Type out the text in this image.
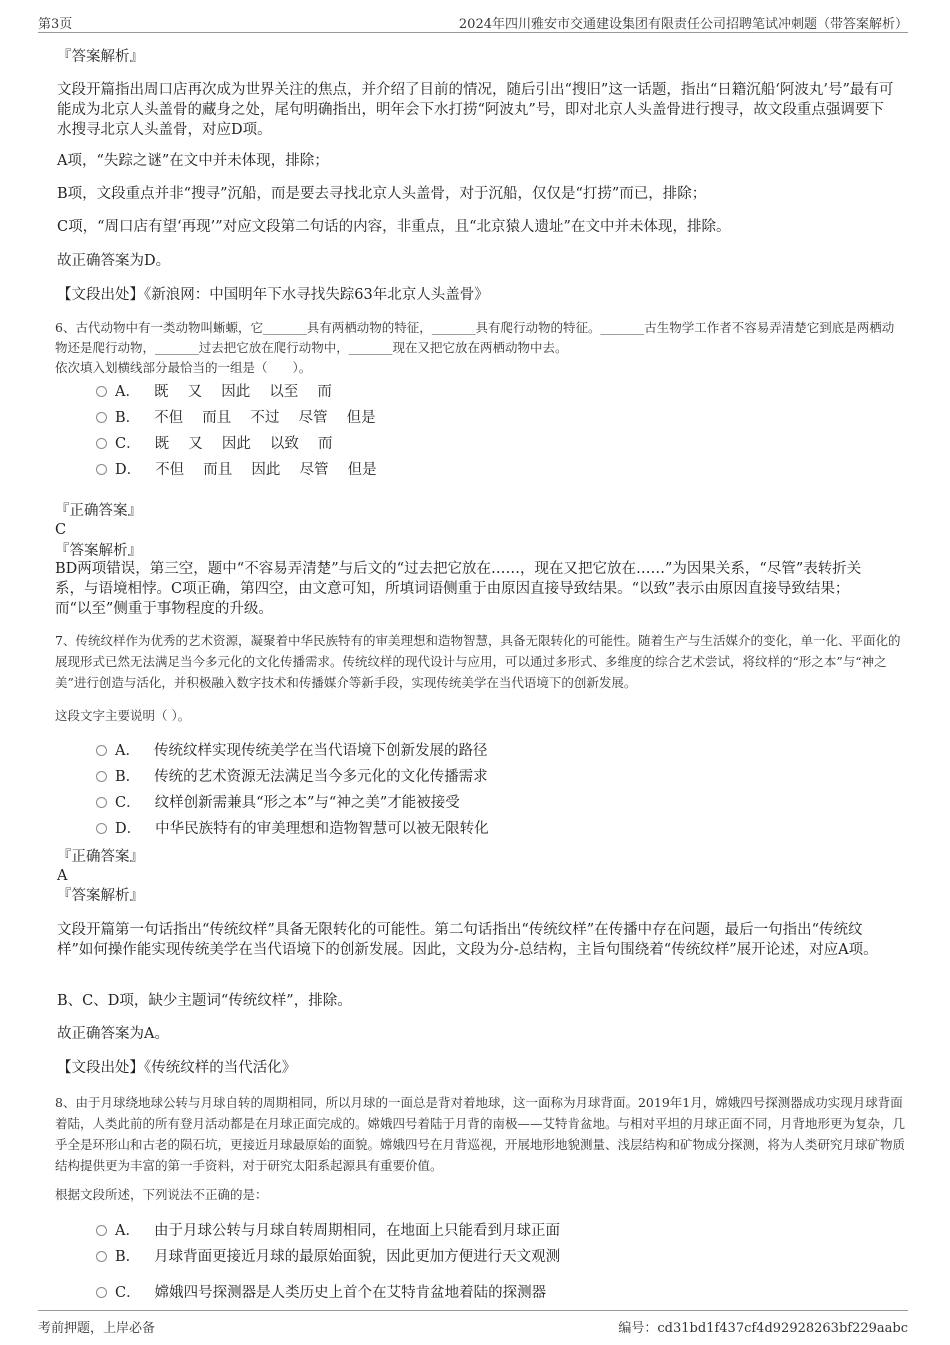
第3页	2024年四川雅安市交通建设集团有限责任公司招聘笔试冲刺题（带答案解析）
『答案解析』
文段开篇指出周口店再次成为世界关注的焦点，并介绍了目前的情况，随后引出“搜旧”这一话题，指出“日籍沉船‘阿波丸’号”最有可能成为北京人头盖骨的藏身之处，尾句明确指出，明年会下水打捞“阿波丸”号，即对北京人头盖骨进行搜寻，故文段重点强调要下水搜寻北京人头盖骨，对应D项。
A项，“失踪之谜”在文中并未体现，排除；
B项，文段重点并非“搜寻”沉船，而是要去寻找北京人头盖骨，对于沉船，仅仅是“打捞”而已，排除；
C项，“周口店有望‘再现’”对应文段第二句话的内容，非重点，且“北京猿人遗址”在文中并未体现，排除。
故正确答案为D。
【文段出处】《新浪网：中国明年下水寻找失踪63年北京人头盖骨》
6、古代动物中有一类动物叫蜥螈，它_______具有两栖动物的特征，_______具有爬行动物的特征。_______古生物学工作者不容易弄清楚它到底是两栖动物还是爬行动物，_______过去把它放在爬行动物中，_______现在又把它放在两栖动物中去。
依次填入划横线部分最恰当的一组是（　　）。
A． 既　 又　 因此　 以至　 而
B． 不但　 而且　 不过　 尽管　 但是
C． 既　 又　 因此　 以致　 而
D． 不但　 而且　 因此　 尽管　 但是
『正确答案』
C
『答案解析』
BD两项错误，第三空，题中“不容易弄清楚”与后文的“过去把它放在……，现在又把它放在……”为因果关系，“尽管”表转折关系，与语境相悖。C项正确，第四空，由文意可知，所填词语侧重于由原因直接导致结果。“以致”表示由原因直接导致结果；而“以至”侧重于事物程度的升级。
7、传统纹样作为优秀的艺术资源，凝聚着中华民族特有的审美理想和造物智慧，具备无限转化的可能性。随着生产与生活媒介的变化，单一化、平面化的展现形式已然无法满足当今多元化的文化传播需求。传统纹样的现代设计与应用，可以通过多形式、多维度的综合艺术尝试，将纹样的“形之本”与“神之美”进行创造与活化，并积极融入数字技术和传播媒介等新手段，实现传统美学在当代语境下的创新发展。
这段文字主要说明（ ）。
A． 传统纹样实现传统美学在当代语境下创新发展的路径
B． 传统的艺术资源无法满足当今多元化的文化传播需求
C． 纹样创新需兼具“形之本”与“神之美”才能被接受
D． 中华民族特有的审美理想和造物智慧可以被无限转化
『正确答案』
A
『答案解析』
文段开篇第一句话指出“传统纹样”具备无限转化的可能性。第二句话指出“传统纹样”在传播中存在问题，最后一句指出“传统纹样”如何操作能实现传统美学在当代语境下的创新发展。因此，文段为分-总结构，主旨句围绕着“传统纹样”展开论述，对应A项。
B、C、D项，缺少主题词“传统纹样”，排除。
故正确答案为A。
【文段出处】《传统纹样的当代活化》
8、由于月球绕地球公转与月球自转的周期相同，所以月球的一面总是背对着地球，这一面称为月球背面。2019年1月，嫦娥四号探测器成功实现月球背面着陆，人类此前的所有登月活动都是在月球正面完成的。嫦娥四号着陆于月背的南极——艾特肯盆地。与相对平坦的月球正面不同，月背地形更为复杂，几乎全是环形山和古老的陨石坑，更接近月球最原始的面貌。嫦娥四号在月背巡视，开展地形地貌测量、浅层结构和矿物成分探测，将为人类研究月球矿物质结构提供更为丰富的第一手资料，对于研究太阳系起源具有重要价值。
根据文段所述，下列说法不正确的是：
A． 由于月球公转与月球自转周期相同，在地面上只能看到月球正面
B． 月球背面更接近月球的最原始面貌，因此更加方便进行天文观测
C． 嫦娥四号探测器是人类历史上首个在艾特肯盆地着陆的探测器
考前押题，上岸必备	编号：cd31bd1f437cf4d92928263bf229aabc
